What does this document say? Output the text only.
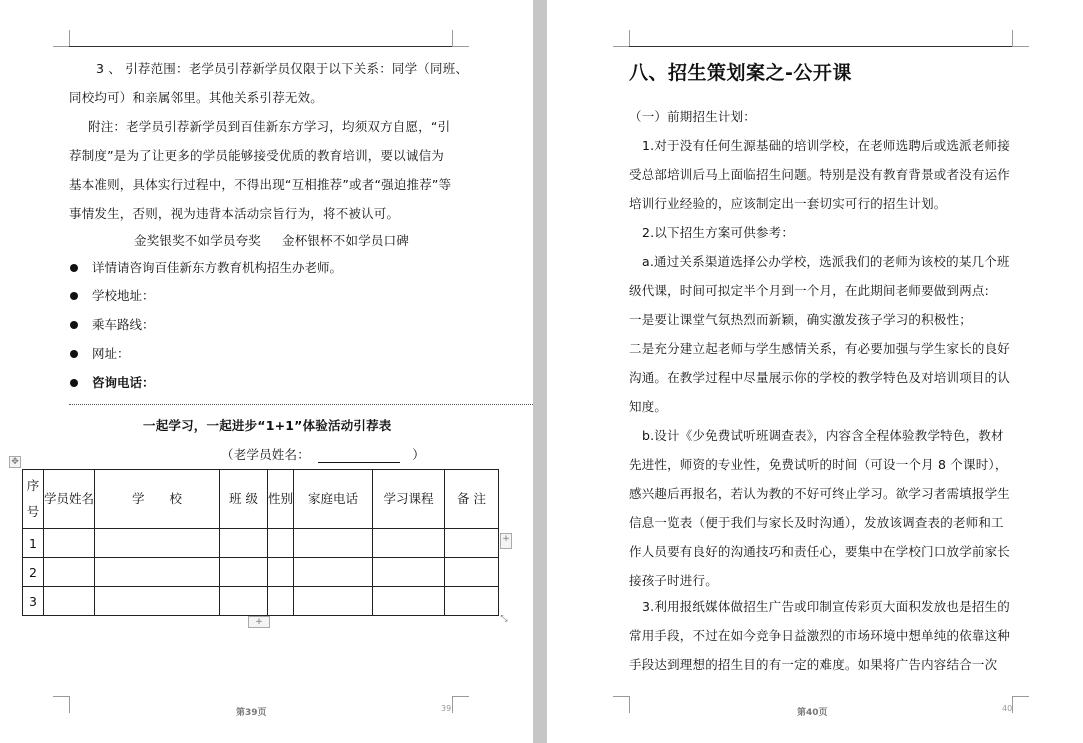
3 、 引荐范围：老学员引荐新学员仅限于以下关系：同学（同班、
同校均可）和亲属邻里。其他关系引荐无效。
附注：老学员引荐新学员到百佳新东方学习，均须双方自愿，“引
荐制度”是为了让更多的学员能够接受优质的教育培训，要以诚信为
基本准则，具体实行过程中，不得出现“互相推荐”或者“强迫推荐”等
事情发生，否则，视为违背本活动宗旨行为，将不被认可。
金奖银奖不如学员夸奖 金杯银杯不如学员口碑
详情请咨询百佳新东方教育机构招生办老师。
学校地址：
乘车路线：
网址：
咨询电话：
一起学习，一起进步“1+1”体验活动引荐表
（老学员姓名：	）
✥
序号	学员姓名	学　　校	班 级	性别	家庭电话	学习课程	备 注
1							
2							
3							
+
+	⤡
第39页	39
八、招生策划案之-公开课
（一）前期招生计划：
1.对于没有任何生源基础的培训学校，在老师选聘后或选派老师接受总部培训后马上面临招生问题。特别是没有教育背景或者没有运作培训行业经验的，应该制定出一套切实可行的招生计划。
2.以下招生方案可供参考：
a.通过关系渠道选择公办学校，选派我们的老师为该校的某几个班级代课，时间可拟定半个月到一个月，在此期间老师要做到两点:
一是要让课堂气氛热烈而新颖，确实激发孩子学习的积极性；
二是充分建立起老师与学生感情关系，有必要加强与学生家长的良好沟通。在教学过程中尽量展示你的学校的教学特色及对培训项目的认知度。
b.设计《少免费试听班调查表》，内容含全程体验教学特色，教材先进性，师资的专业性，免费试听的时间（可设一个月 8 个课时），感兴趣后再报名，若认为教的不好可终止学习。欲学习者需填报学生信息一览表（便于我们与家长及时沟通），发放该调查表的老师和工作人员要有良好的沟通技巧和责任心，要集中在学校门口放学前家长接孩子时进行。
3.利用报纸媒体做招生广告或印制宣传彩页大面积发放也是招生的常用手段，不过在如今竞争日益激烈的市场环境中想单纯的依靠这种手段达到理想的招生目的有一定的难度。如果将广告内容结合一次
第40页	40
